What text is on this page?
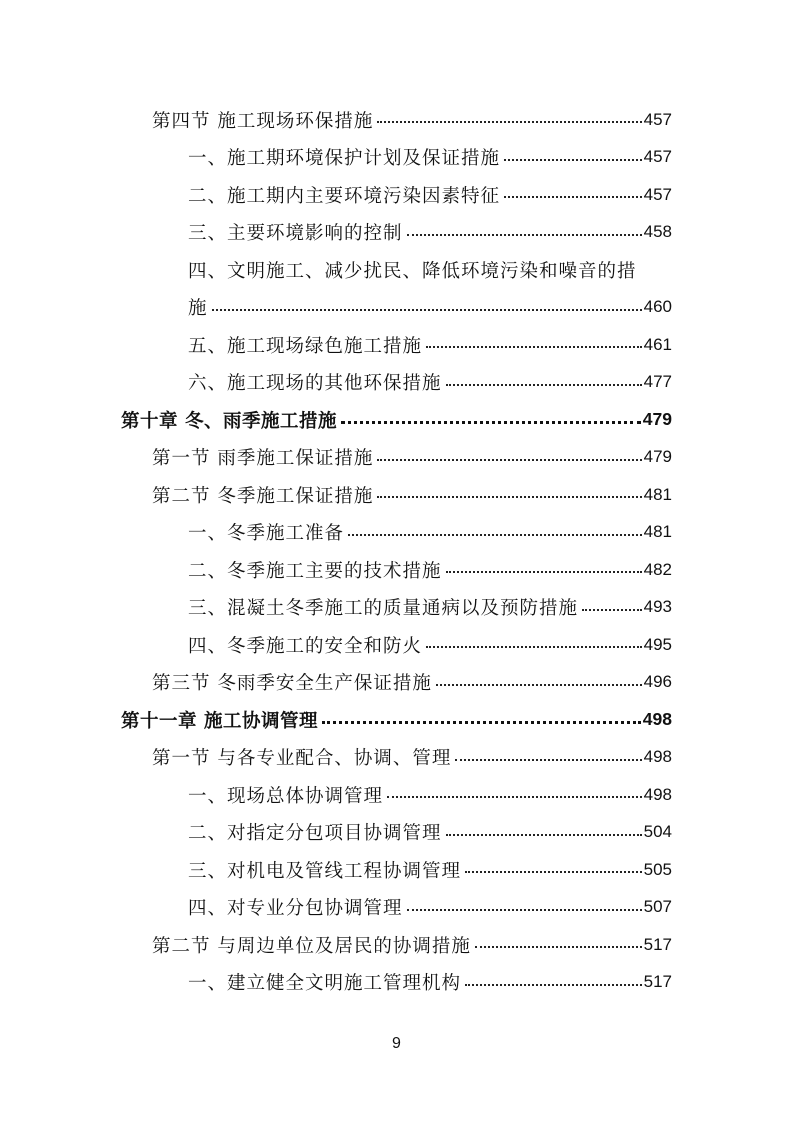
第四节 施工现场环保措施	457
一、施工期环境保护计划及保证措施	457
二、施工期内主要环境污染因素特征	457
三、主要环境影响的控制	458
四、文明施工、减少扰民、降低环境污染和噪音的措
施	460
五、施工现场绿色施工措施	461
六、施工现场的其他环保措施	477
第十章 冬、雨季施工措施	479
第一节 雨季施工保证措施	479
第二节 冬季施工保证措施	481
一、冬季施工准备	481
二、冬季施工主要的技术措施	482
三、混凝土冬季施工的质量通病以及预防措施	493
四、冬季施工的安全和防火	495
第三节 冬雨季安全生产保证措施	496
第十一章 施工协调管理	498
第一节 与各专业配合、协调、管理	498
一、现场总体协调管理	498
二、对指定分包项目协调管理	504
三、对机电及管线工程协调管理	505
四、对专业分包协调管理	507
第二节 与周边单位及居民的协调措施	517
一、建立健全文明施工管理机构	517
9
